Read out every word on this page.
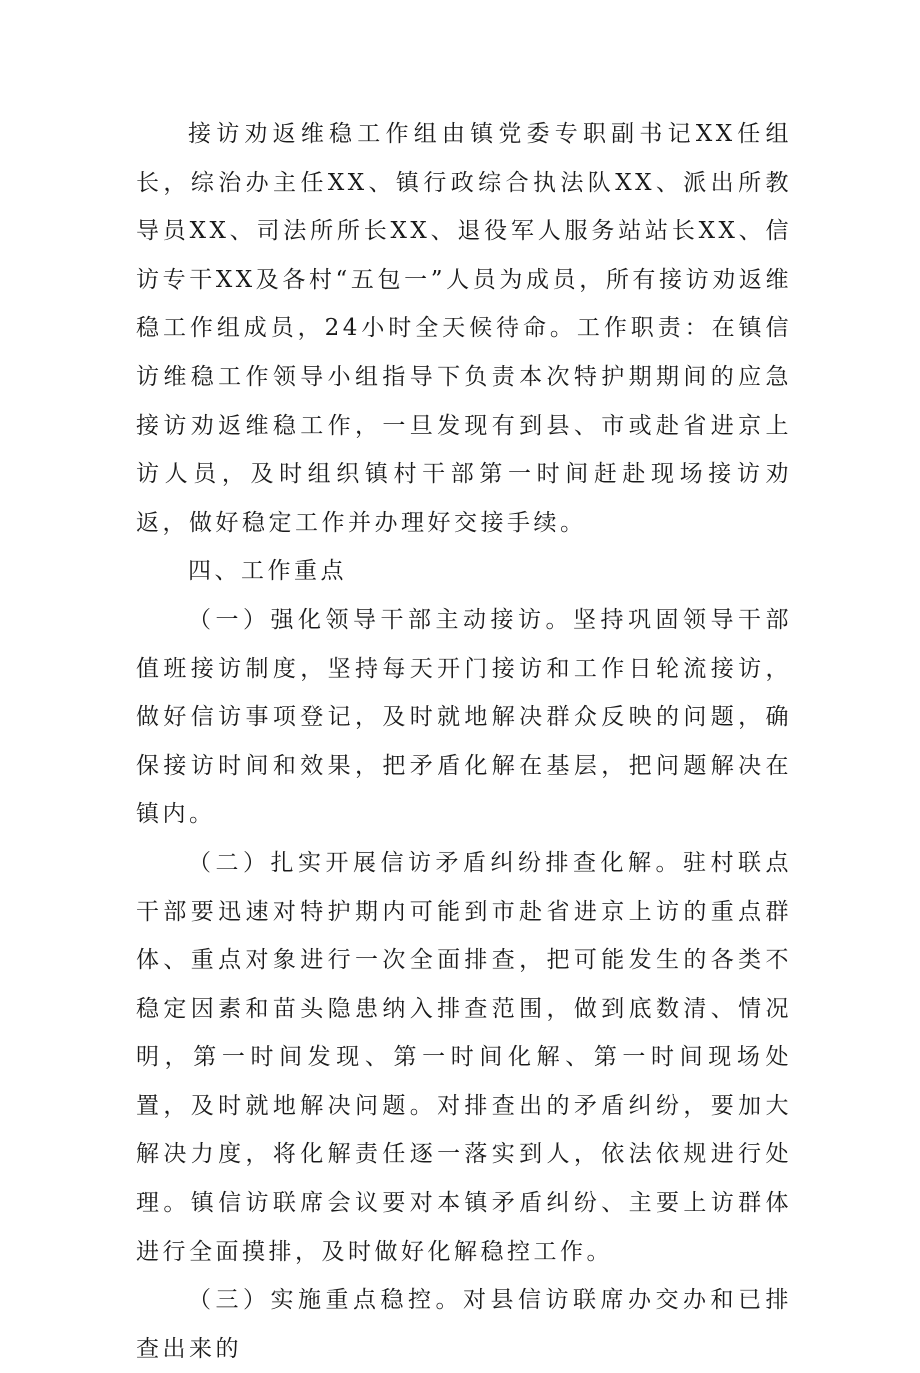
接访劝返维稳工作组由镇党委专职副书记XX任组长，综治办主任XX、镇行政综合执法队XX、派出所教导员XX、司法所所长XX、退役军人服务站站长XX、信访专干XX及各村“五包一”人员为成员，所有接访劝返维稳工作组成员，24小时全天候待命。工作职责：在镇信访维稳工作领导小组指导下负责本次特护期期间的应急接访劝返维稳工作，一旦发现有到县、市或赴省进京上访人员，及时组织镇村干部第一时间赶赴现场接访劝返，做好稳定工作并办理好交接手续。

四、工作重点

（一）强化领导干部主动接访。坚持巩固领导干部值班接访制度，坚持每天开门接访和工作日轮流接访，做好信访事项登记，及时就地解决群众反映的问题，确保接访时间和效果，把矛盾化解在基层，把问题解决在镇内。

（二）扎实开展信访矛盾纠纷排查化解。驻村联点干部要迅速对特护期内可能到市赴省进京上访的重点群体、重点对象进行一次全面排查，把可能发生的各类不稳定因素和苗头隐患纳入排查范围，做到底数清、情况明，第一时间发现、第一时间化解、第一时间现场处置，及时就地解决问题。对排查出的矛盾纠纷，要加大解决力度，将化解责任逐一落实到人，依法依规进行处理。镇信访联席会议要对本镇矛盾纠纷、主要上访群体进行全面摸排，及时做好化解稳控工作。

（三）实施重点稳控。对县信访联席办交办和已排查出来的
